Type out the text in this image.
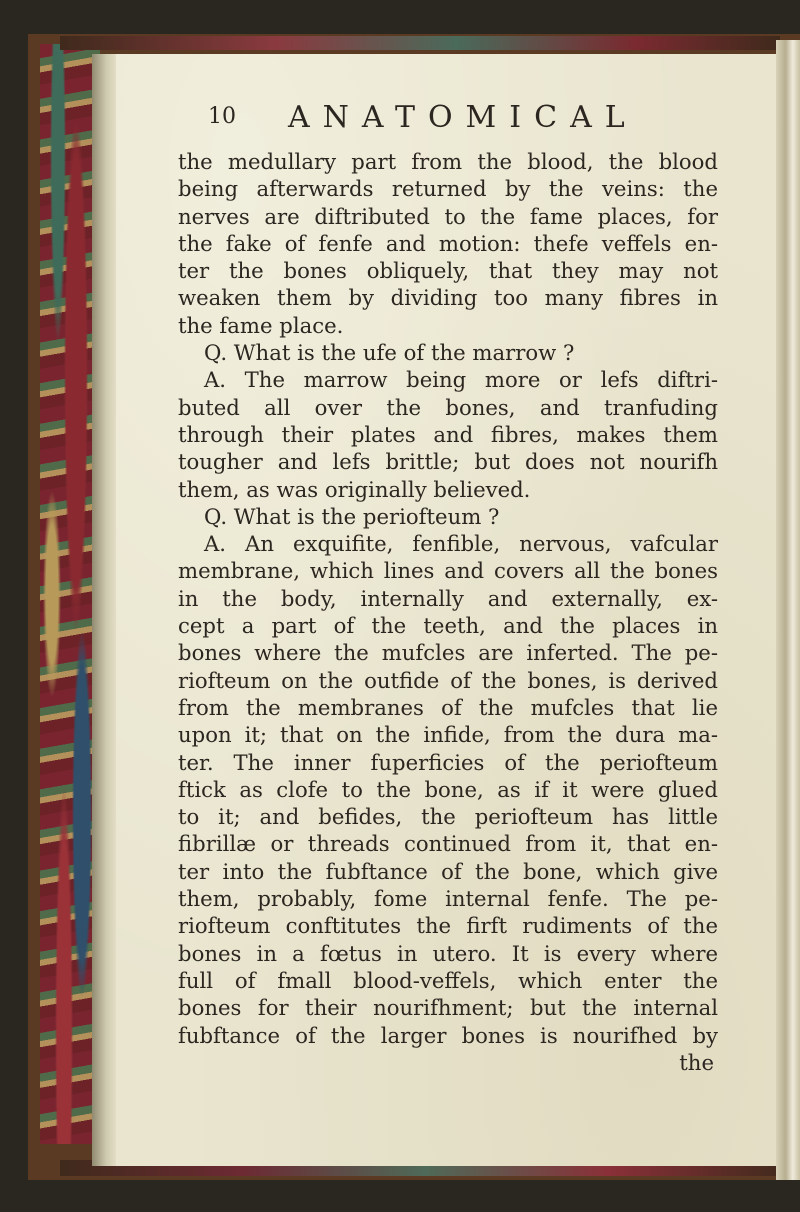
10 ANATOMICAL
the medullary part from the blood, the blood
being afterwards returned by the veins: the
nerves are diftributed to the fame places, for
the fake of fenfe and motion: thefe veffels en-
ter the bones obliquely, that they may not
weaken them by dividing too many fibres in
the fame place.
Q. What is the ufe of the marrow ?
A. The marrow being more or lefs diftri-
buted all over the bones, and tranfuding
through their plates and fibres, makes them
tougher and lefs brittle; but does not nourifh
them, as was originally believed.
Q. What is the periofteum ?
A. An exquifite, fenfible, nervous, vafcular
membrane, which lines and covers all the bones
in the body, internally and externally, ex-
cept a part of the teeth, and the places in
bones where the mufcles are inferted. The pe-
riofteum on the outfide of the bones, is derived
from the membranes of the mufcles that lie
upon it; that on the infide, from the dura ma-
ter. The inner fuperficies of the periofteum
ftick as clofe to the bone, as if it were glued
to it; and befides, the periofteum has little
fibrillæ or threads continued from it, that en-
ter into the fubftance of the bone, which give
them, probably, fome internal fenfe. The pe-
riofteum conftitutes the firft rudiments of the
bones in a fœtus in utero. It is every where
full of fmall blood-veffels, which enter the
bones for their nourifhment; but the internal
fubftance of the larger bones is nourifhed by
the
